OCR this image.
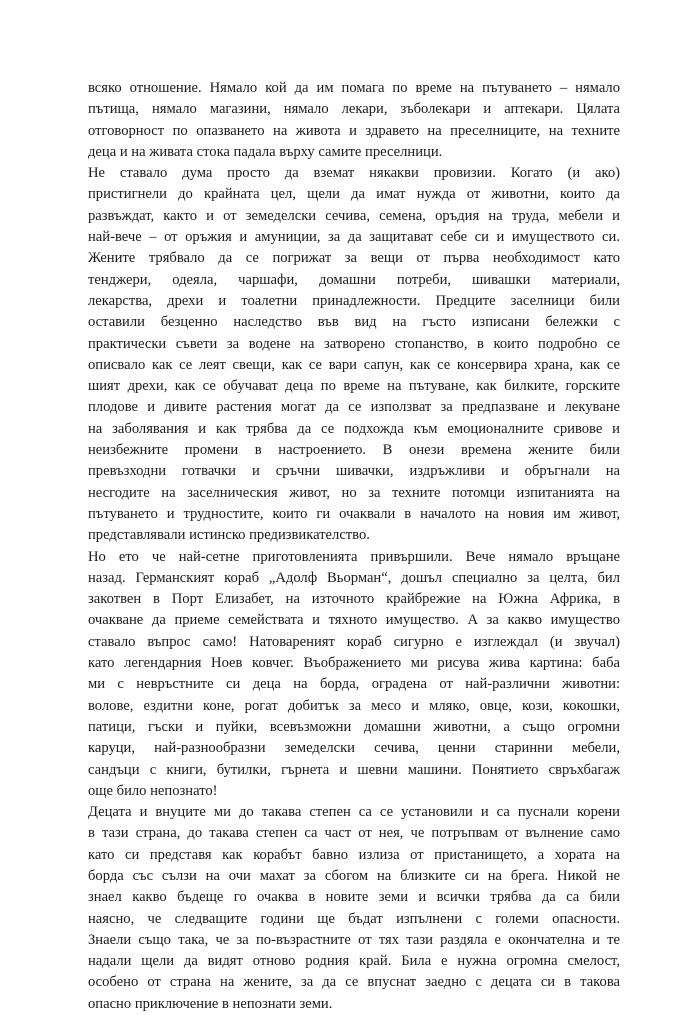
всяко отношение. Нямало кой да им помага по време на пътуването – нямало
пътища, нямало магазини, нямало лекари, зъболекари и аптекари. Цялата
отговорност по опазването на живота и здравето на преселниците, на техните
деца и на живата стока падала върху самите преселници.
Не ставало дума просто да вземат някакви провизии. Когато (и ако)
пристигнели до крайната цел, щели да имат нужда от животни, които да
развъждат, както и от земеделски сечива, семена, оръдия на труда, мебели и
най-вече – от оръжия и амуниции, за да защитават себе си и имуществото си.
Жените трябвало да се погрижат за вещи от първа необходимост като
тенджери, одеяла, чаршафи, домашни потреби, шивашки материали,
лекарства, дрехи и тоалетни принадлежности. Предците заселници били
оставили безценно наследство във вид на гъсто изписани бележки с
практически съвети за водене на затворено стопанство, в които подробно се
описвало как се леят свещи, как се вари сапун, как се консервира храна, как се
шият дрехи, как се обучават деца по време на пътуване, как билките, горските
плодове и дивите растения могат да се използват за предпазване и лекуване
на заболявания и как трябва да се подхожда към емоционалните сривове и
неизбежните промени в настроението. В онези времена жените били
превъзходни готвачки и сръчни шивачки, издръжливи и обръгнали на
несгодите на заселническия живот, но за техните потомци изпитанията на
пътуването и трудностите, които ги очаквали в началото на новия им живот,
представлявали истинско предизвикателство.
Но ето че най-сетне приготовленията привършили. Вече нямало връщане
назад. Германският кораб „Адолф Вьорман“, дошъл специално за целта, бил
закотвен в Порт Елизабет, на източното крайбрежие на Южна Африка, в
очакване да приеме семействата и тяхното имущество. А за какво имущество
ставало въпрос само! Натовареният кораб сигурно е изглеждал (и звучал)
като легендарния Ноев ковчег. Въображението ми рисува жива картина: баба
ми с невръстните си деца на борда, оградена от най-различни животни:
волове, ездитни коне, рогат добитък за месо и мляко, овце, кози, кокошки,
патици, гъски и пуйки, всевъзможни домашни животни, а също огромни
каруци, най-разнообразни земеделски сечива, ценни старинни мебели,
сандъци с книги, бутилки, гърнета и шевни машини. Понятието свръхбагаж
още било непознато!
Децата и внуците ми до такава степен са се установили и са пуснали корени
в тази страна, до такава степен са част от нея, че потръпвам от вълнение само
като си представя как корабът бавно излиза от пристанището, а хората на
борда със сълзи на очи махат за сбогом на близките си на брега. Никой не
знаел какво бъдеще го очаква в новите земи и всички трябва да са били
наясно, че следващите години ще бъдат изпълнени с големи опасности.
Знаели също така, че за по-възрастните от тях тази раздяла е окончателна и те
надали щели да видят отново родния край. Била е нужна огромна смелост,
особено от страна на жените, за да се впуснат заедно с децата си в такова
опасно приключение в непознати земи.
